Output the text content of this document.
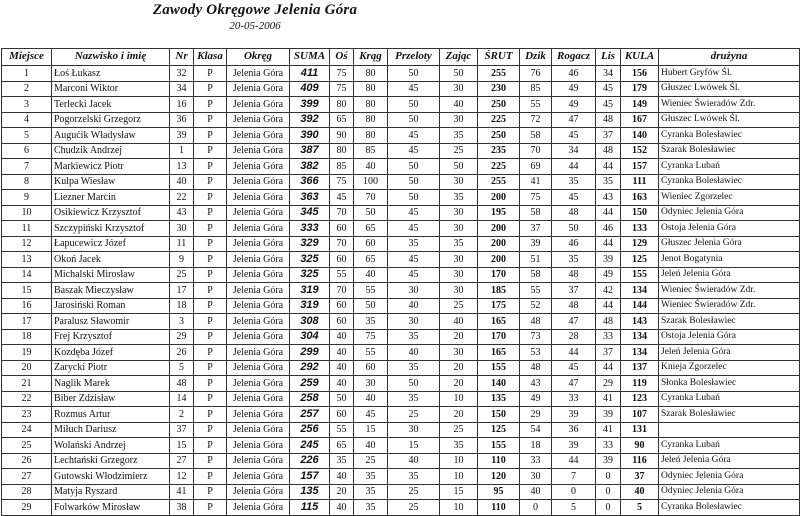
Zawody Okręgowe Jelenia Góra
20-05-2006
Miejsce	Nazwisko i imię	Nr	Klasa	Okręg	SUMA	Oś	Krąg	Przeloty	Zając	ŚRUT	Dzik	Rogacz	Lis	KULA	drużyna
1	Łoś Łukasz	32	P	Jelenia Góra	411	75	80	50	50	255	76	46	34	156	Hubert Gryfów Śl.
2	Marconi Wiktor	34	P	Jelenia Góra	409	75	80	45	30	230	85	49	45	179	Głuszec Lwówek Śl.
3	Terlecki Jacek	16	P	Jelenia Góra	399	80	80	50	40	250	55	49	45	149	Wieniec Świeradów Zdr.
4	Pogorzelski Grzegorz	36	P	Jelenia Góra	392	65	80	50	30	225	72	47	48	167	Głuszec Lwówek Śl.
5	Augućik Władysław	39	P	Jelenia Góra	390	90	80	45	35	250	58	45	37	140	Cyranka Bolesławiec
6	Chudzik Andrzej	1	P	Jelenia Góra	387	80	85	45	25	235	70	34	48	152	Szarak Bolesławiec
7	Markiewicz Piotr	13	P	Jelenia Góra	382	85	40	50	50	225	69	44	44	157	Cyranka Lubań
8	Kulpa Wiesław	40	P	Jelenia Góra	366	75	100	50	30	255	41	35	35	111	Cyranka Bolesławiec
9	Liezner Marcin	22	P	Jelenia Góra	363	45	70	50	35	200	75	45	43	163	Wieniec Zgorzelec
10	Osikiewicz Krzysztof	43	P	Jelenia Góra	345	70	50	45	30	195	58	48	44	150	Odyniec Jelenia Góra
11	Szczypiński Krzysztof	30	P	Jelenia Góra	333	60	65	45	30	200	37	50	46	133	Ostoja Jelenia Góra
12	Łapucewicz Józef	11	P	Jelenia Góra	329	70	60	35	35	200	39	46	44	129	Głuszec Jelenia Góra
13	Okoń Jacek	9	P	Jelenia Góra	325	60	65	45	30	200	51	35	39	125	Jenot Bogatynia
14	Michalski Mirosław	25	P	Jelenia Góra	325	55	40	45	30	170	58	48	49	155	Jeleń Jelenia Góra
15	Baszak Mieczysław	17	P	Jelenia Góra	319	70	55	30	30	185	55	37	42	134	Wieniec Świeradów Zdr.
16	Jarosiński Roman	18	P	Jelenia Góra	319	60	50	40	25	175	52	48	44	144	Wieniec Świeradów Zdr.
17	Paralusz Sławomir	3	P	Jelenia Góra	308	60	35	30	40	165	48	47	48	143	Szarak Bolesławiec
18	Frej Krzysztof	29	P	Jelenia Góra	304	40	75	35	20	170	73	28	33	134	Ostoja Jelenia Góra
19	Kozdęba Józef	26	P	Jelenia Góra	299	40	55	40	30	165	53	44	37	134	Jeleń Jelenia Góra
20	Zarycki Piotr	5	P	Jelenia Góra	292	40	60	35	20	155	48	45	44	137	Knieja Zgorzelec
21	Naglik Marek	48	P	Jelenia Góra	259	40	30	50	20	140	43	47	29	119	Słonka Bolesławiec
22	Biber Zdzisław	14	P	Jelenia Góra	258	50	40	35	10	135	49	33	41	123	Cyranka Lubań
23	Rozmus Artur	2	P	Jelenia Góra	257	60	45	25	20	150	29	39	39	107	Szarak Bolesławiec
24	Miłuch Dariusz	37	P	Jelenia Góra	256	55	15	30	25	125	54	36	41	131	
25	Wolański Andrzej	15	P	Jelenia Góra	245	65	40	15	35	155	18	39	33	90	Cyranka Lubań
26	Lechtański Grzegorz	27	P	Jelenia Góra	226	35	25	40	10	110	33	44	39	116	Jeleń Jelenia Góra
27	Gutowski Włodzimierz	12	P	Jelenia Góra	157	40	35	35	10	120	30	7	0	37	Odyniec Jelenia Góra
28	Matyja Ryszard	41	P	Jelenia Góra	135	20	35	25	15	95	40	0	0	40	Odyniec Jelenia Góra
29	Folwarków Mirosław	38	P	Jelenia Góra	115	40	35	25	10	110	0	5	0	5	Cyranka Bolesławiec
